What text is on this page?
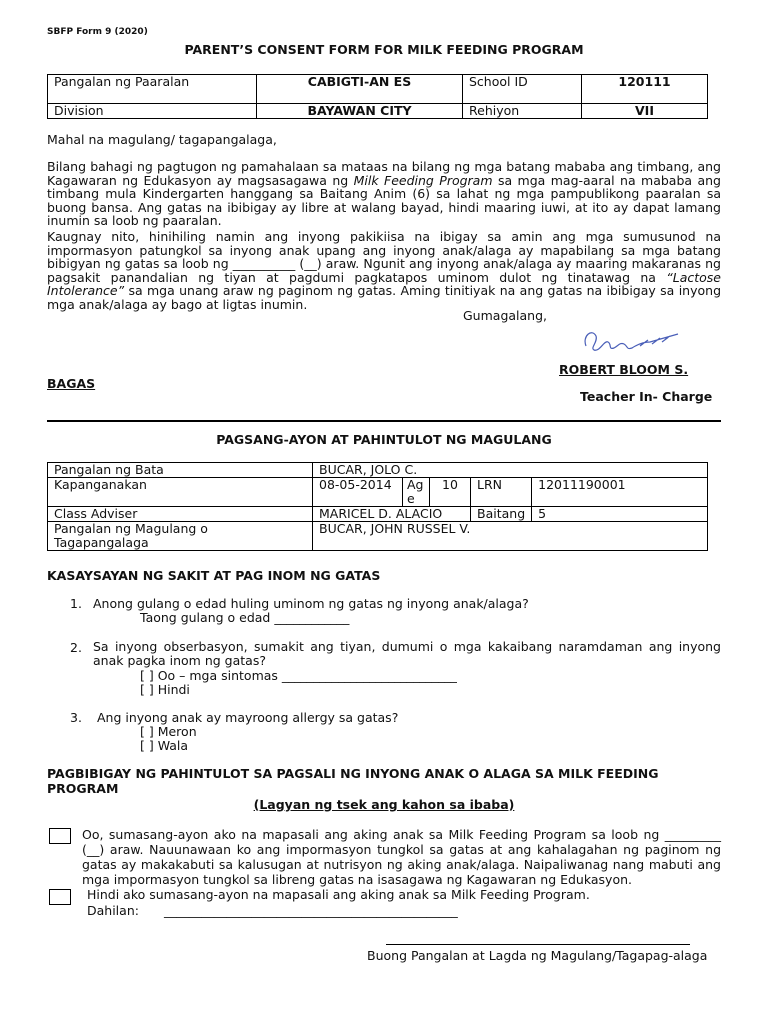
SBFP Form 9 (2020)
PARENT’S CONSENT FORM FOR MILK FEEDING PROGRAM
Pangalan ng Paaralan	CABIGTI-AN ES	School ID	120111
Division	BAYAWAN CITY	Rehiyon	VII
Mahal na magulang/ tagapangalaga,
Bilang bahagi ng pagtugon ng pamahalaan sa mataas na bilang ng mga batang mababa ang timbang, ang Kagawaran ng Edukasyon ay magsasagawa ng Milk Feeding Program sa mga mag-aaral na mababa ang timbang mula Kindergarten hanggang sa Baitang Anim (6) sa lahat ng mga pampublikong paaralan sa buong bansa. Ang gatas na ibibigay ay libre at walang bayad, hindi maaring iuwi, at ito ay dapat lamang inumin sa loob ng paaralan.
Kaugnay nito, hinihiling namin ang inyong pakikiisa na ibigay sa amin ang mga sumusunod na impormasyon patungkol sa inyong anak upang ang inyong anak/alaga ay mapabilang sa mga batang bibigyan ng gatas sa loob ng __________ (__) araw. Ngunit ang inyong anak/alaga ay maaring makaranas ng pagsakit panandalian ng tiyan at pagdumi pagkatapos uminom dulot ng tinatawag na “Lactose Intolerance” sa mga unang araw ng paginom ng gatas. Aming tinitiyak na ang gatas na ibibigay sa inyong mga anak/alaga ay bago at ligtas inumin.
Gumagalang,
ROBERT BLOOM S.
BAGAS
Teacher In- Charge
PAGSANG-AYON AT PAHINTULOT NG MAGULANG
Pangalan ng Bata	BUCAR, JOLO C.				
Kapanganakan	08-05-2014	Age	10	LRN	12011190001
Class Adviser	MARICEL D. ALACIO			Baitang	5
Pangalan ng Magulang o Tagapangalaga	BUCAR, JOHN RUSSEL V.				
KASAYSAYAN NG SAKIT AT PAG INOM NG GATAS
1. Anong gulang o edad huling uminom ng gatas ng inyong anak/alaga?
Taong gulang o edad ____________
2. Sa inyong obserbasyon, sumakit ang tiyan, dumumi o mga kakaibang naramdaman ang inyong anak pagka inom ng gatas?
[ ] Oo – mga sintomas ____________________________
[ ] Hindi
3. Ang inyong anak ay mayroong allergy sa gatas?
[ ] Meron
[ ] Wala
PAGBIBIGAY NG PAHINTULOT SA PAGSALI NG INYONG ANAK O ALAGA SA MILK FEEDING PROGRAM
(Lagyan ng tsek ang kahon sa ibaba)
Oo, sumasang-ayon ako na mapasali ang aking anak sa Milk Feeding Program sa loob ng _________ (__) araw. Nauunawaan ko ang impormasyon tungkol sa gatas at ang kahalagahan ng paginom ng gatas ay makakabuti sa kalusugan at nutrisyon ng aking anak/alaga. Naipaliwanag nang mabuti ang mga impormasyon tungkol sa libreng gatas na isasagawa ng Kagawaran ng Edukasyon.
Hindi ako sumasang-ayon na mapasali ang aking anak sa Milk Feeding Program.
Dahilan: _______________________________________________
Buong Pangalan at Lagda ng Magulang/Tagapag-alaga
